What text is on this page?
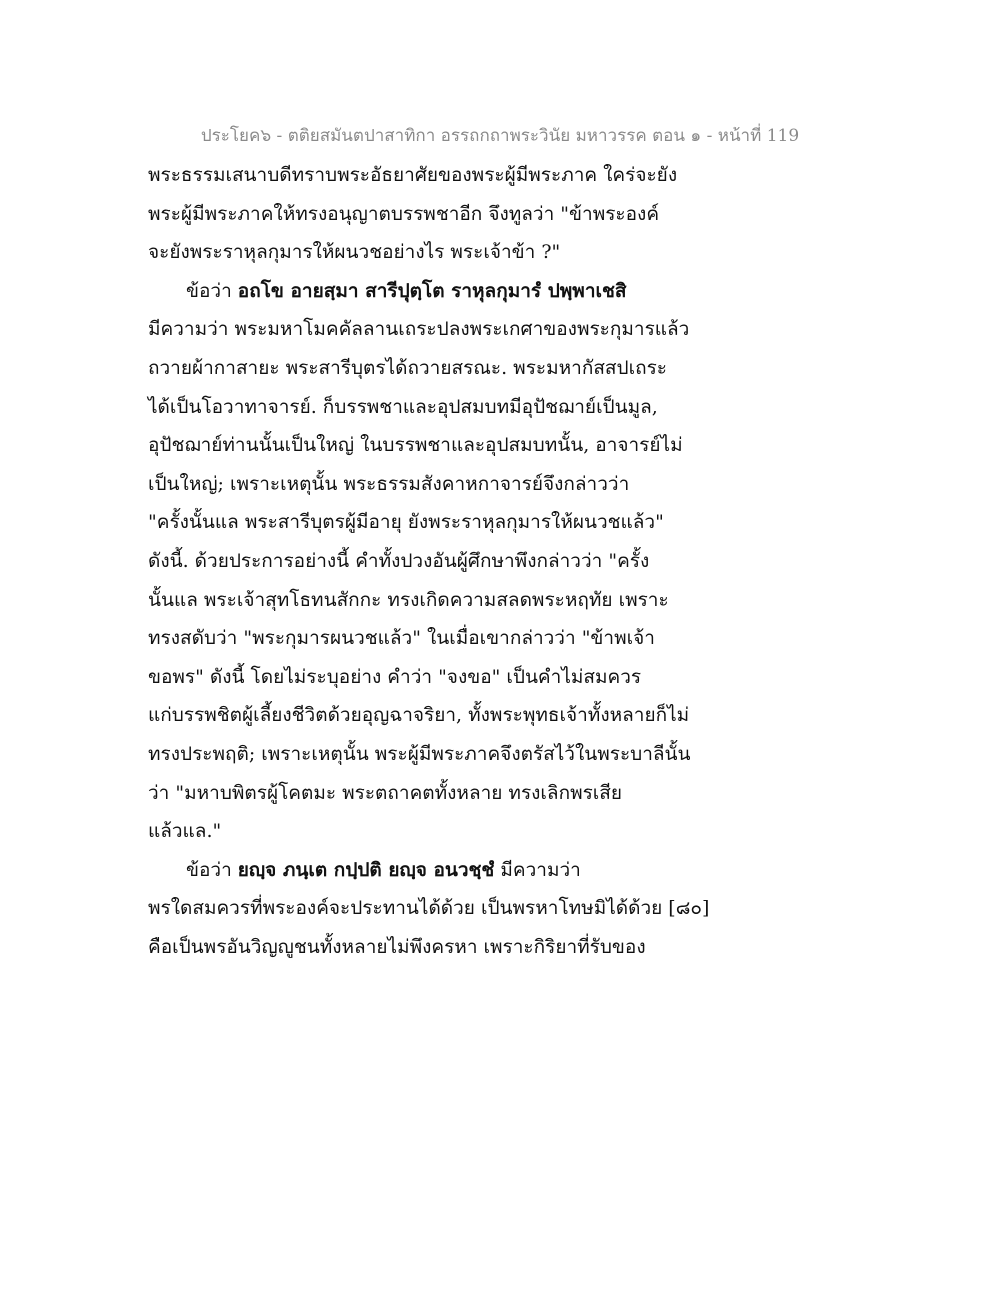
ประโยค๖ - ตติยสมันตปาสาทิกา อรรถกถาพระวินัย มหาวรรค ตอน ๑ - หน้าที่ 119
พระธรรมเสนาบดีทราบพระอัธยาศัยของพระผู้มีพระภาค ใคร่จะยัง
พระผู้มีพระภาคให้ทรงอนุญาตบรรพชาอีก จึงทูลว่า "ข้าพระองค์
จะยังพระราหุลกุมารให้ผนวชอย่างไร พระเจ้าข้า ?"
ข้อว่า อถโข อายสฺมา สารีปุตฺโต ราหุลกุมารํ ปพฺพาเชสิ
มีความว่า พระมหาโมคคัลลานเถระปลงพระเกศาของพระกุมารแล้ว
ถวายผ้ากาสายะ พระสารีบุตรได้ถวายสรณะ. พระมหากัสสปเถระ
ได้เป็นโอวาทาจารย์. ก็บรรพชาและอุปสมบทมีอุปัชฌาย์เป็นมูล,
อุปัชฌาย์ท่านนั้นเป็นใหญ่ ในบรรพชาและอุปสมบทนั้น, อาจารย์ไม่
เป็นใหญ่; เพราะเหตุนั้น พระธรรมสังคาหกาจารย์จึงกล่าวว่า
"ครั้งนั้นแล พระสารีบุตรผู้มีอายุ ยังพระราหุลกุมารให้ผนวชแล้ว"
ดังนี้. ด้วยประการอย่างนี้ คำทั้งปวงอันผู้ศึกษาพึงกล่าวว่า "ครั้ง
นั้นแล พระเจ้าสุทโธทนสักกะ ทรงเกิดความสลดพระหฤทัย เพราะ
ทรงสดับว่า "พระกุมารผนวชแล้ว" ในเมื่อเขากล่าวว่า "ข้าพเจ้า
ขอพร" ดังนี้ โดยไม่ระบุอย่าง คำว่า "จงขอ" เป็นคำไม่สมควร
แก่บรรพชิตผู้เลี้ยงชีวิตด้วยอุญฉาจริยา, ทั้งพระพุทธเจ้าทั้งหลายก็ไม่
ทรงประพฤติ; เพราะเหตุนั้น พระผู้มีพระภาคจึงตรัสไว้ในพระบาลีนั้น
ว่า "มหาบพิตรผู้โคตมะ พระตถาคตทั้งหลาย ทรงเลิกพรเสีย
แล้วแล."
ข้อว่า ยญฺจ ภนฺเต กปฺปติ ยญฺจ อนวชฺชํ มีความว่า
พรใดสมควรที่พระองค์จะประทานได้ด้วย เป็นพรหาโทษมิได้ด้วย [๘๐]
คือเป็นพรอันวิญญูชนทั้งหลายไม่พึงครหา เพราะกิริยาที่รับของ
